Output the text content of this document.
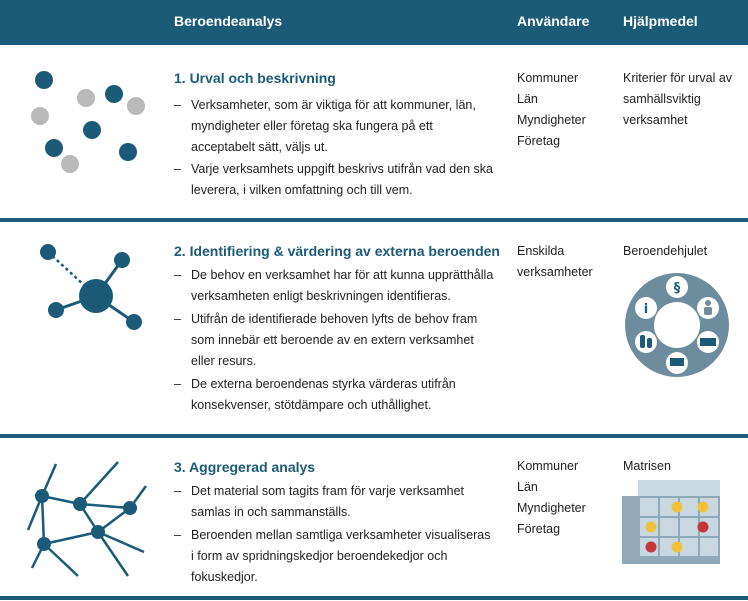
Beroendeanalys	Användare Hjälpmedel
1. Urval och beskrivning
– Verksamheter, som är viktiga för att kommuner, län, myndigheter eller företag ska fungera på ett acceptabelt sätt, väljs ut.
– Varje verksamhets uppgift beskrivs utifrån vad den ska leverera, i vilken omfattning och till vem.
Kommuner
Län
Myndigheter
Företag
Kriterier för urval av samhällsviktig verksamhet
2. Identifiering & värdering av externa beroenden
– De behov en verksamhet har för att kunna upprätthålla verksamheten enligt beskrivningen identifieras.
– Utifrån de identifierade behoven lyfts de behov fram som innebär ett beroende av en extern verksamhet eller resurs.
– De externa beroendenas styrka värderas utifrån konsekvenser, stötdämpare och uthållighet.
Enskilda
verksamheter
Beroendehjulet
§
i
3. Aggregerad analys
– Det material som tagits fram för varje verksamhet samlas in och sammanställs.
– Beroenden mellan samtliga verksamheter visualiseras i form av spridningskedjor beroendekedjor och fokuskedjor.
Kommuner
Län
Myndigheter
Företag
Matrisen
